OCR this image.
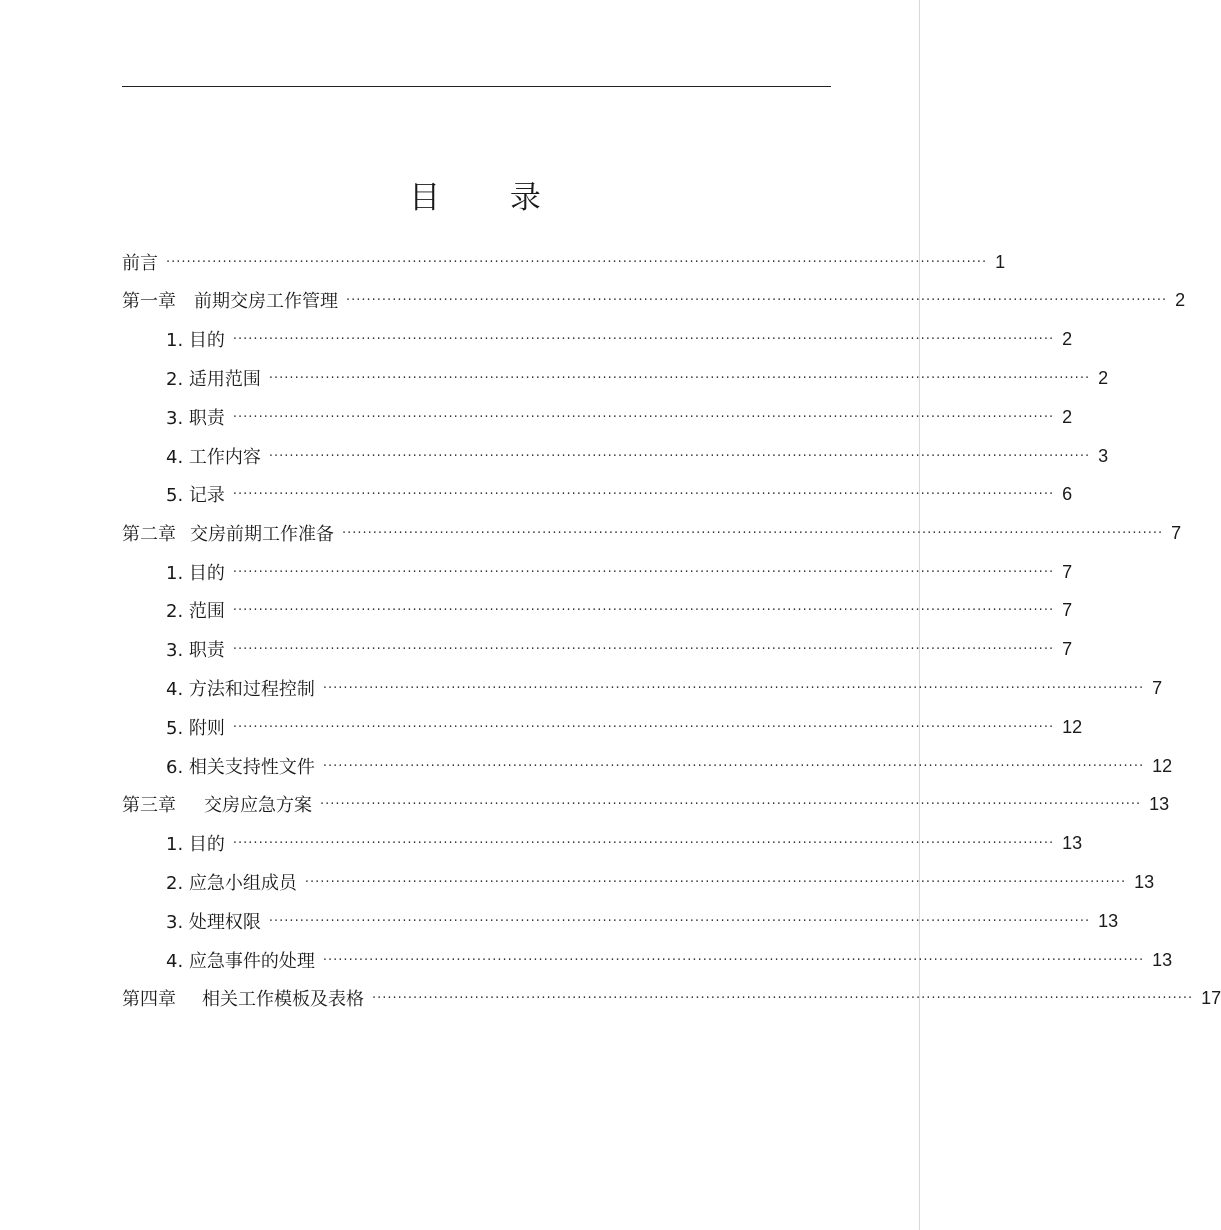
目 录
前言 ································································································································································ 1
第一章 前期交房工作管理 ································································································································································ 2
1. 目的 ································································································································································ 2
2. 适用范围 ································································································································································ 2
3. 职责 ································································································································································ 2
4. 工作内容 ································································································································································ 3
5. 记录 ································································································································································ 6
第二章 交房前期工作准备 ································································································································································ 7
1. 目的 ································································································································································ 7
2. 范围 ································································································································································ 7
3. 职责 ································································································································································ 7
4. 方法和过程控制 ································································································································································ 7
5. 附则 ································································································································································ 12
6. 相关支持性文件 ································································································································································ 12
第三章 交房应急方案 ································································································································································ 13
1. 目的 ································································································································································ 13
2. 应急小组成员 ································································································································································ 13
3. 处理权限 ································································································································································ 13
4. 应急事件的处理 ································································································································································ 13
第四章 相关工作模板及表格 ································································································································································ 17
